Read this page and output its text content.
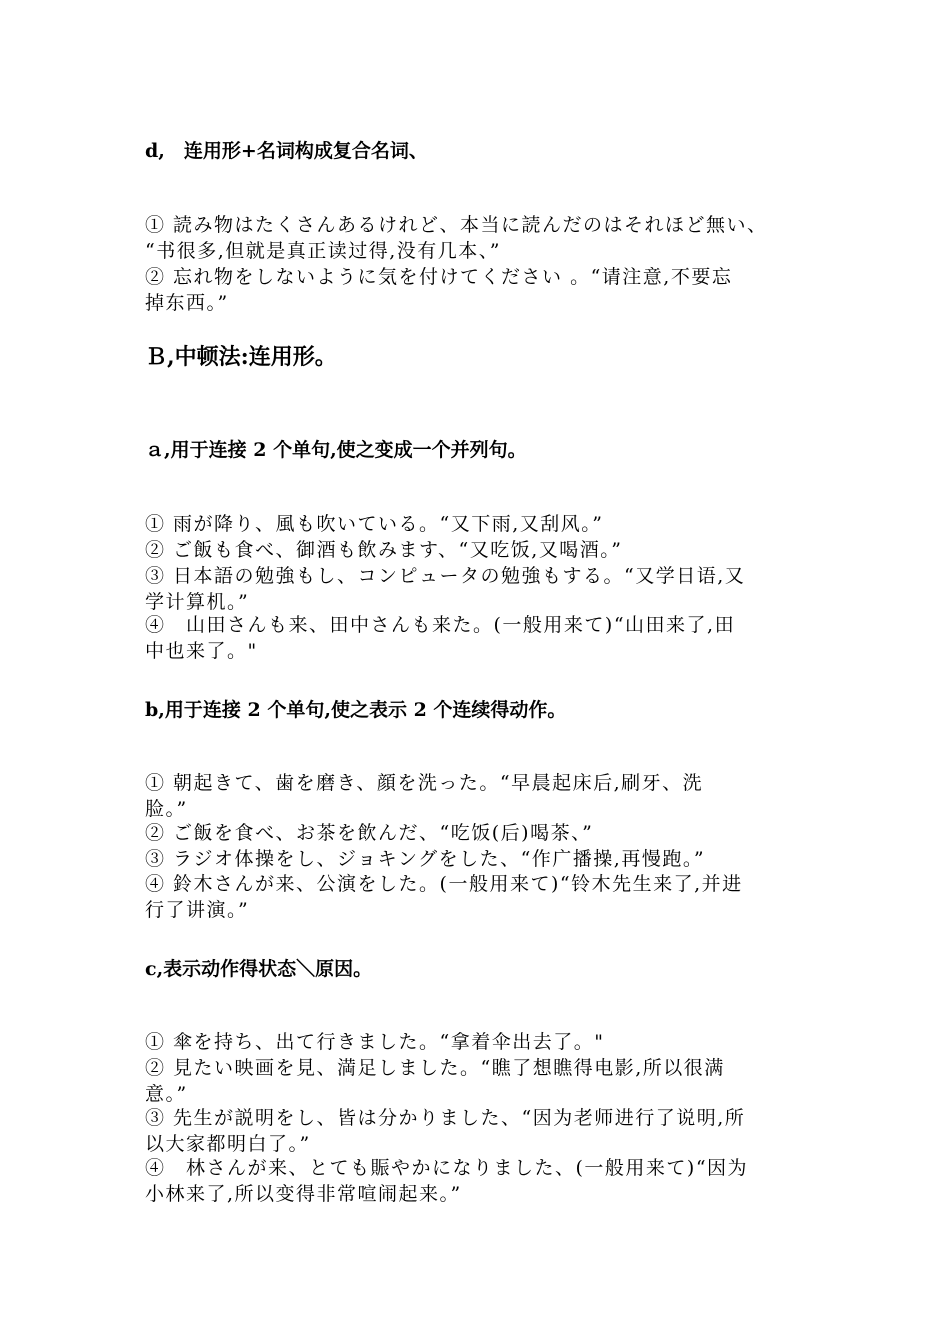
d,　连用形+名词构成复合名词、
① 読み物はたくさんあるけれど、本当に読んだのはそれほど無い、
“书很多,但就是真正读过得,没有几本、”
② 忘れ物をしないように気を付けてください 。“请注意,不要忘
掉东西。”
Ｂ,中顿法:连用形。
ａ,用于连接 2 个单句,使之变成一个并列句。
① 雨が降り、風も吹いている。“又下雨,又刮风。”
② ご飯も食べ、御酒も飲みます、“又吃饭,又喝酒。”
③ 日本語の勉強もし、コンピュータの勉強もする。“又学日语,又
学计算机。”
④　山田さんも来、田中さんも来た。(一般用来て)“山田来了,田
中也来了。"
b,用于连接 2 个单句,使之表示 2 个连续得动作。
① 朝起きて、歯を磨き、顔を洗った。“早晨起床后,刷牙、洗
脸。”
② ご飯を食べ、お茶を飲んだ、“吃饭(后)喝茶、”
③ ラジオ体操をし、ジョキングをした、“作广播操,再慢跑。”
④ 鈴木さんが来、公演をした。(一般用来て)“铃木先生来了,并进
行了讲演。”
c,表示动作得状态＼原因。
① 傘を持ち、出て行きました。“拿着伞出去了。"
② 見たい映画を見、満足しました。“瞧了想瞧得电影,所以很满
意。”
③ 先生が説明をし、皆は分かりました、“因为老师进行了说明,所
以大家都明白了。”
④　林さんが来、とても賑やかになりました、(一般用来て)“因为
小林来了,所以变得非常喧闹起来。”
